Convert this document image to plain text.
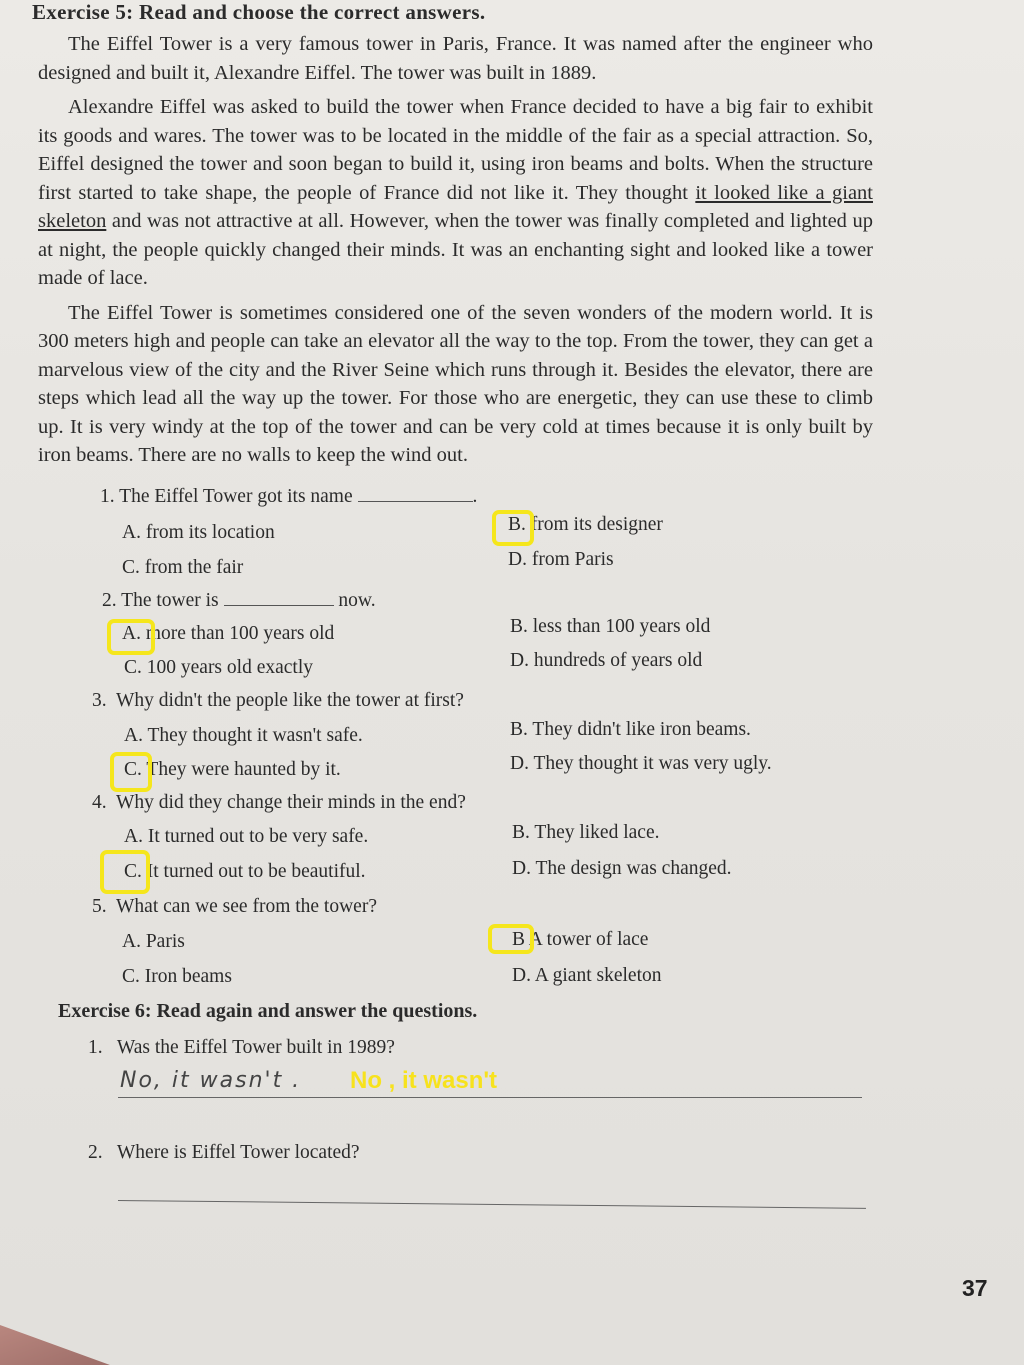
Exercise 5: Read and choose the correct answers.

The Eiffel Tower is a very famous tower in Paris, France. It was named after the engineer who designed and built it, Alexandre Eiffel. The tower was built in 1889.

Alexandre Eiffel was asked to build the tower when France decided to have a big fair to exhibit its goods and wares. The tower was to be located in the middle of the fair as a special attraction. So, Eiffel designed the tower and soon began to build it, using iron beams and bolts. When the structure first started to take shape, the people of France did not like it. They thought it looked like a giant skeleton and was not attractive at all. However, when the tower was finally completed and lighted up at night, the people quickly changed their minds. It was an enchanting sight and looked like a tower made of lace.

The Eiffel Tower is sometimes considered one of the seven wonders of the modern world. It is 300 meters high and people can take an elevator all the way to the top. From the tower, they can get a marvelous view of the city and the River Seine which runs through it. Besides the elevator, there are steps which lead all the way up the tower. For those who are energetic, they can use these to climb up. It is very windy at the top of the tower and can be very cold at times because it is only built by iron beams. There are no walls to keep the wind out.

1. The Eiffel Tower got its name	.
A. from its location	B. from its designer
C. from the fair	D. from Paris
2. The tower is	now.
A. more than 100 years old	B. less than 100 years old
C. 100 years old exactly	D. hundreds of years old
3. Why didn't the people like the tower at first?
A. They thought it wasn't safe.	B. They didn't like iron beams.
C. They were haunted by it.	D. They thought it was very ugly.
4. Why did they change their minds in the end?
A. It turned out to be very safe.	B. They liked lace.
C. It turned out to be beautiful.	D. The design was changed.
5. What can we see from the tower?
A. Paris	B A tower of lace
C. Iron beams	D. A giant skeleton
Exercise 6: Read again and answer the questions.
1. Was the Eiffel Tower built in 1989?
No, it wasn't . No , it wasn't
2. Where is Eiffel Tower located?
37
